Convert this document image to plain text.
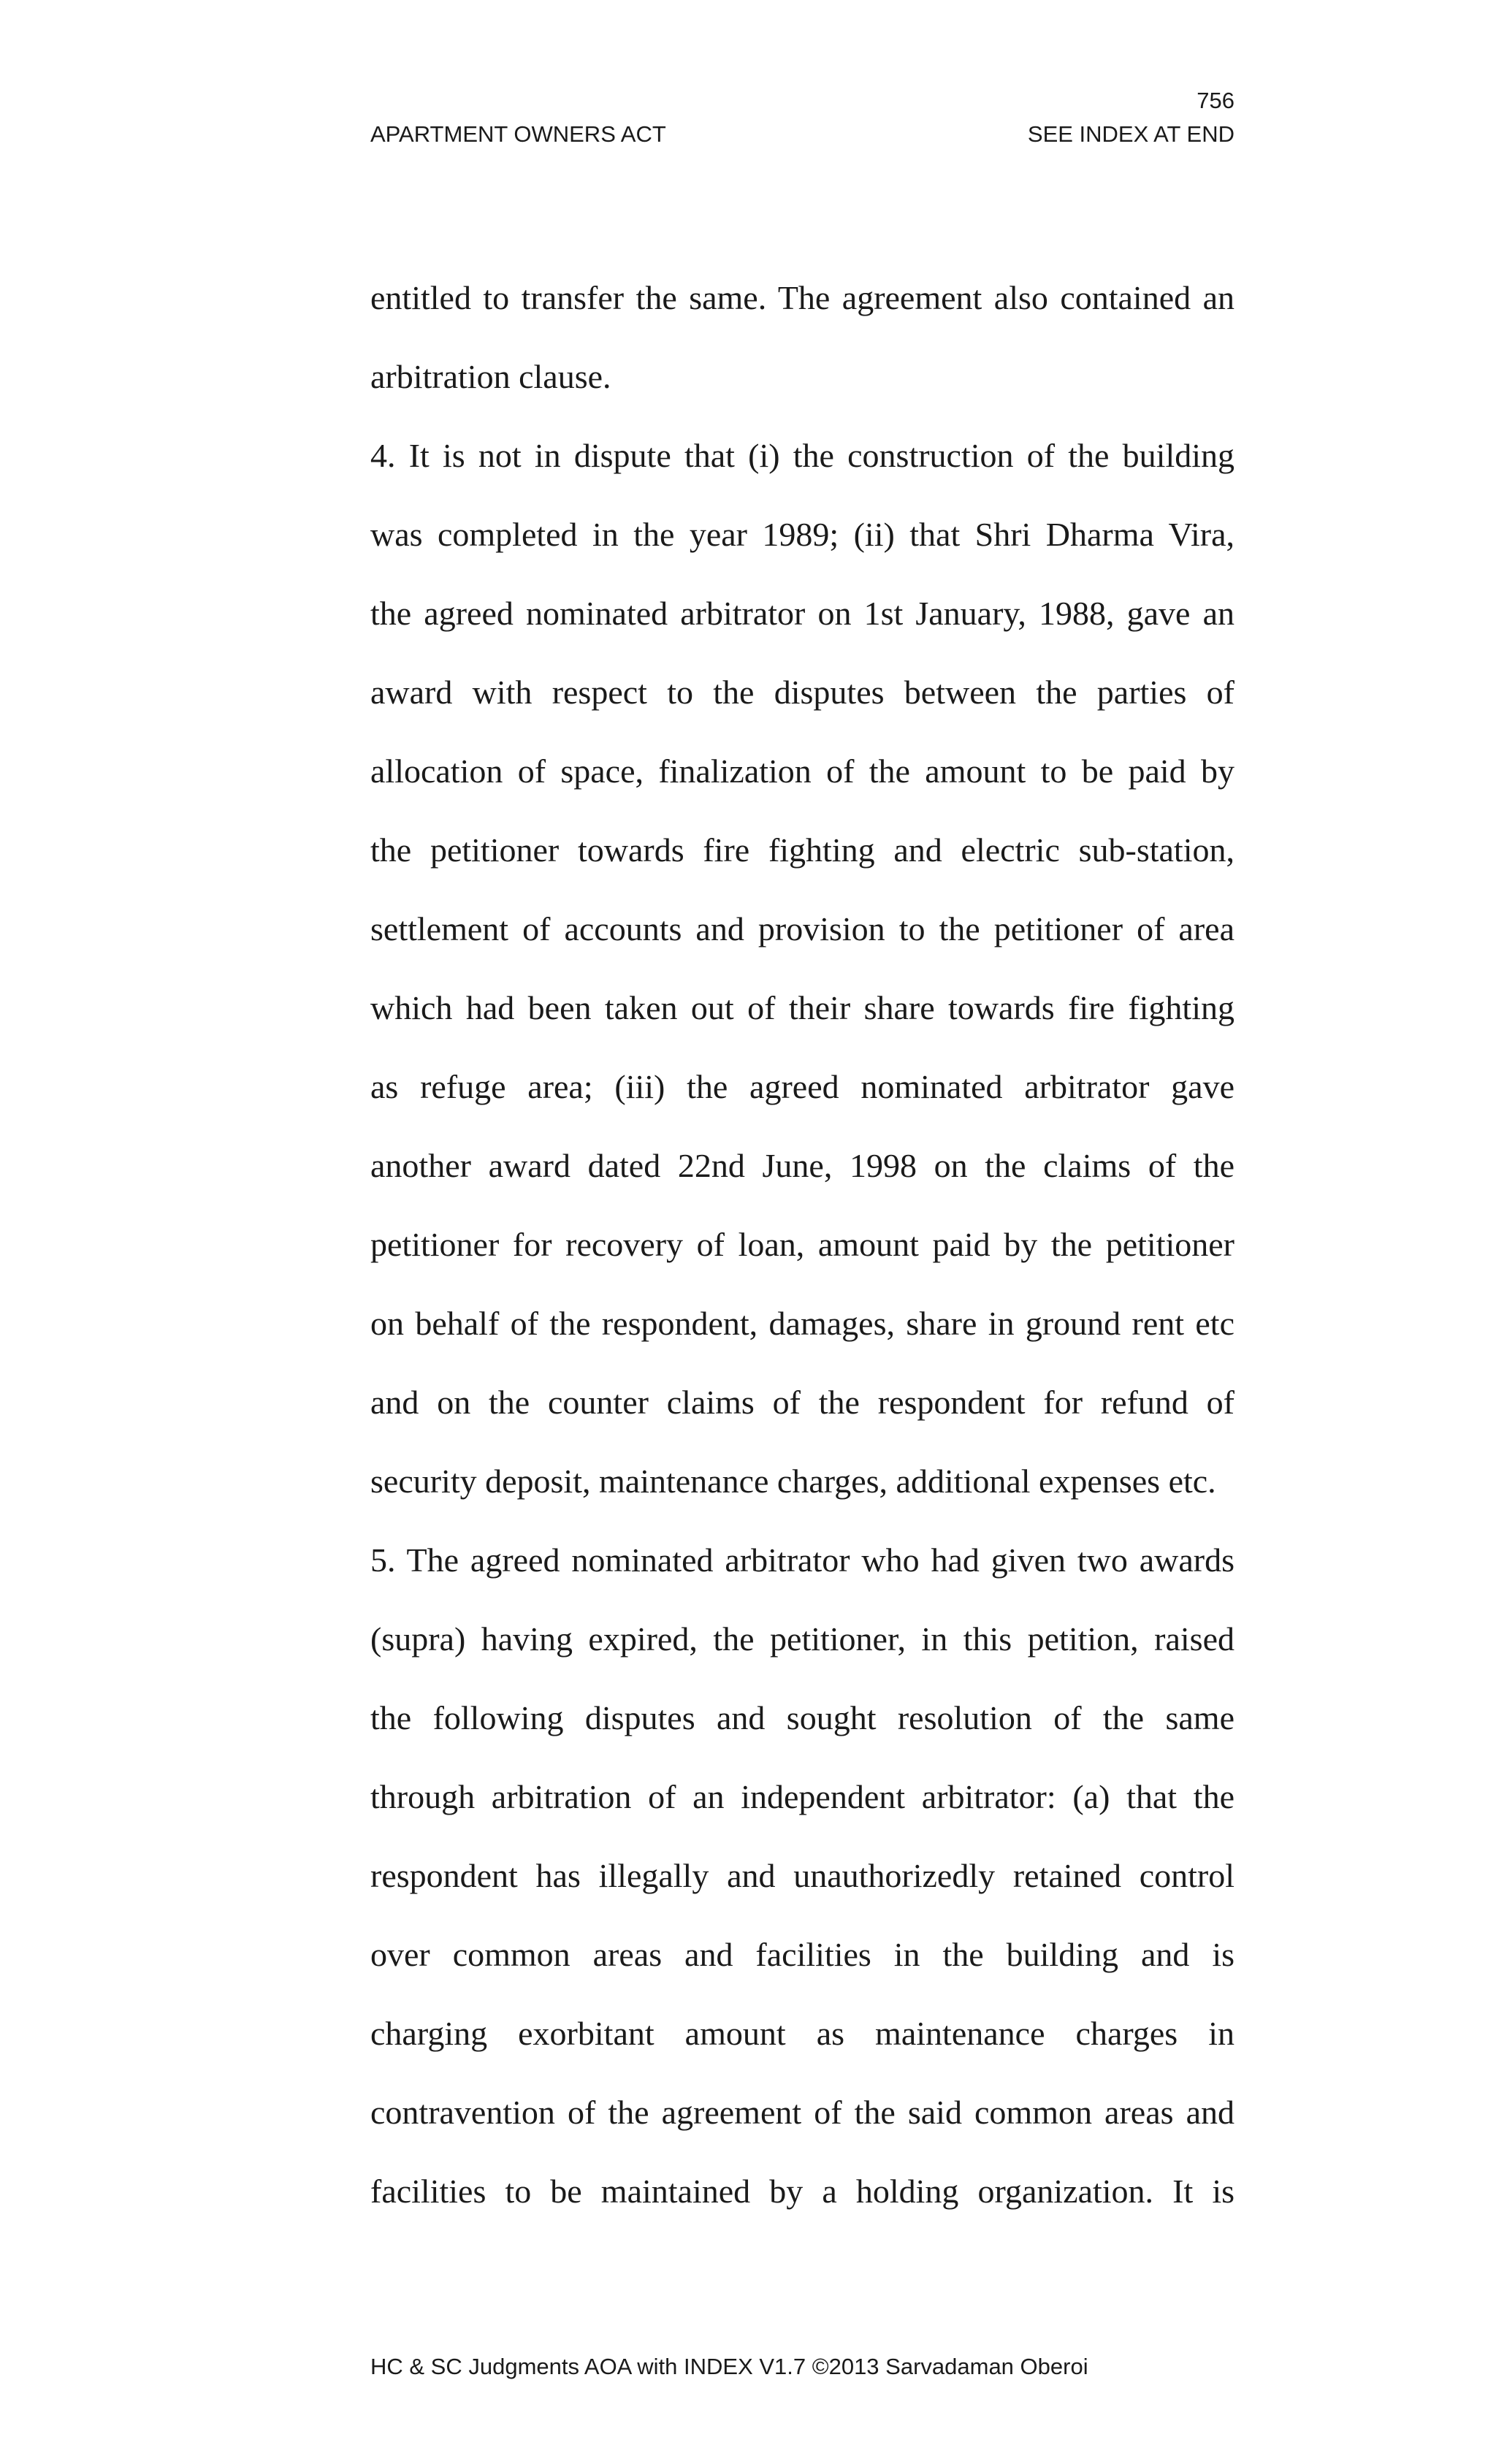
756
APARTMENT OWNERS ACT	SEE INDEX AT END
entitled to transfer the same. The agreement also contained an
arbitration clause.
4. It is not in dispute that (i) the construction of the building
was completed in the year 1989; (ii) that Shri Dharma Vira,
the agreed nominated arbitrator on 1st January, 1988, gave an
award with respect to the disputes between the parties of
allocation of space, finalization of the amount to be paid by
the petitioner towards fire fighting and electric sub-station,
settlement of accounts and provision to the petitioner of area
which had been taken out of their share towards fire fighting
as refuge area; (iii) the agreed nominated arbitrator gave
another award dated 22nd June, 1998 on the claims of the
petitioner for recovery of loan, amount paid by the petitioner
on behalf of the respondent, damages, share in ground rent etc
and on the counter claims of the respondent for refund of
security deposit, maintenance charges, additional expenses etc.
5. The agreed nominated arbitrator who had given two awards
(supra) having expired, the petitioner, in this petition, raised
the following disputes and sought resolution of the same
through arbitration of an independent arbitrator: (a) that the
respondent has illegally and unauthorizedly retained control
over common areas and facilities in the building and is
charging exorbitant amount as maintenance charges in
contravention of the agreement of the said common areas and
facilities to be maintained by a holding organization. It is
HC & SC Judgments AOA with INDEX V1.7 ©2013 Sarvadaman Oberoi
